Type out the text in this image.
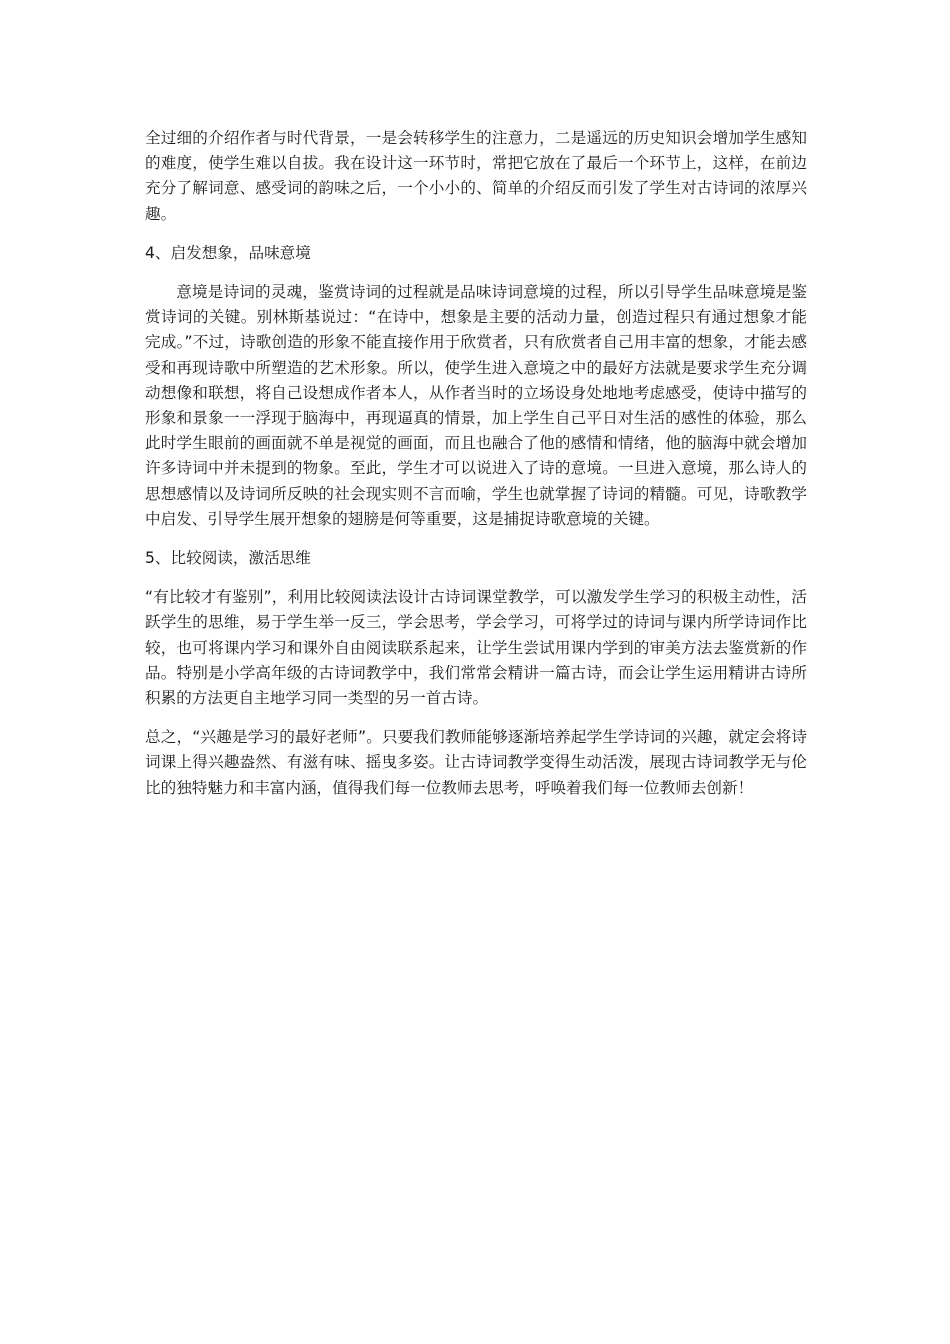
全过细的介绍作者与时代背景，一是会转移学生的注意力，二是遥远的历史知识会增加学生感知的难度，使学生难以自拔。我在设计这一环节时，常把它放在了最后一个环节上，这样，在前边充分了解词意、感受词的韵味之后，一个小小的、简单的介绍反而引发了学生对古诗词的浓厚兴趣。

4、启发想象，品味意境

意境是诗词的灵魂，鉴赏诗词的过程就是品味诗词意境的过程，所以引导学生品味意境是鉴赏诗词的关键。别林斯基说过：“在诗中，想象是主要的活动力量，创造过程只有通过想象才能完成。”不过，诗歌创造的形象不能直接作用于欣赏者，只有欣赏者自己用丰富的想象，才能去感受和再现诗歌中所塑造的艺术形象。所以，使学生进入意境之中的最好方法就是要求学生充分调动想像和联想，将自己设想成作者本人，从作者当时的立场设身处地地考虑感受，使诗中描写的形象和景象一一浮现于脑海中，再现逼真的情景，加上学生自己平日对生活的感性的体验，那么此时学生眼前的画面就不单是视觉的画面，而且也融合了他的感情和情绪，他的脑海中就会增加许多诗词中并未提到的物象。至此，学生才可以说进入了诗的意境。一旦进入意境，那么诗人的思想感情以及诗词所反映的社会现实则不言而喻，学生也就掌握了诗词的精髓。可见，诗歌教学中启发、引导学生展开想象的翅膀是何等重要，这是捕捉诗歌意境的关键。

5、比较阅读，激活思维

“有比较才有鉴别”，利用比较阅读法设计古诗词课堂教学，可以激发学生学习的积极主动性，活跃学生的思维，易于学生举一反三，学会思考，学会学习，可将学过的诗词与课内所学诗词作比较，也可将课内学习和课外自由阅读联系起来，让学生尝试用课内学到的审美方法去鉴赏新的作品。特别是小学高年级的古诗词教学中，我们常常会精讲一篇古诗，而会让学生运用精讲古诗所积累的方法更自主地学习同一类型的另一首古诗。

总之，“兴趣是学习的最好老师”。只要我们教师能够逐渐培养起学生学诗词的兴趣，就定会将诗词课上得兴趣盎然、有滋有味、摇曳多姿。让古诗词教学变得生动活泼，展现古诗词教学无与伦比的独特魅力和丰富内涵，值得我们每一位教师去思考，呼唤着我们每一位教师去创新！
